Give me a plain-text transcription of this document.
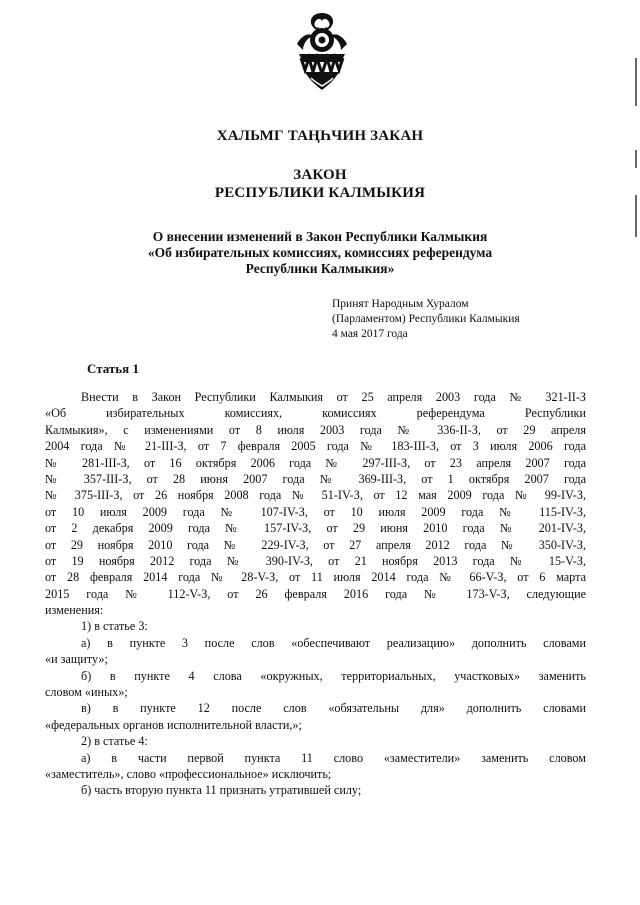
ХАЛЬМГ ТАҢҺЧИН ЗАКАН
ЗАКОН
РЕСПУБЛИКИ КАЛМЫКИЯ
О внесении изменений в Закон Республики Калмыкия
«Об избирательных комиссиях, комиссиях референдума
Республики Калмыкия»
Принят Народным Хуралом
(Парламентом) Республики Калмыкия
4 мая 2017 года
Статья 1
Внести в Закон Республики Калмыкия от 25 апреля 2003 года № 321-II-З
«Об избирательных комиссиях, комиссиях референдума Республики
Калмыкия», с изменениями от 8 июля 2003 года № 336-II-З, от 29 апреля
2004 года № 21-III-З, от 7 февраля 2005 года № 183-III-З, от 3 июля 2006 года
№ 281-III-З, от 16 октября 2006 года № 297-III-З, от 23 апреля 2007 года
№ 357-III-З, от 28 июня 2007 года № 369-III-З, от 1 октября 2007 года
№ 375-III-З, от 26 ноября 2008 года № 51-IV-З, от 12 мая 2009 года № 99-IV-З,
от 10 июля 2009 года № 107-IV-З, от 10 июля 2009 года № 115-IV-З,
от 2 декабря 2009 года № 157-IV-З, от 29 июня 2010 года № 201-IV-З,
от 29 ноября 2010 года № 229-IV-З, от 27 апреля 2012 года № 350-IV-З,
от 19 ноября 2012 года № 390-IV-З, от 21 ноября 2013 года № 15-V-З,
от 28 февраля 2014 года № 28-V-З, от 11 июля 2014 года № 66-V-З, от 6 марта
2015 года № 112-V-З, от 26 февраля 2016 года № 173-V-З, следующие
изменения:
1) в статье 3:
а) в пункте 3 после слов «обеспечивают реализацию» дополнить словами
«и защиту»;
б) в пункте 4 слова «окружных, территориальных, участковых» заменить
словом «иных»;
в) в пункте 12 после слов «обязательны для» дополнить словами
«федеральных органов исполнительной власти,»;
2) в статье 4:
а) в части первой пункта 11 слово «заместители» заменить словом
«заместитель», слово «профессиональное» исключить;
б) часть вторую пункта 11 признать утратившей силу;
